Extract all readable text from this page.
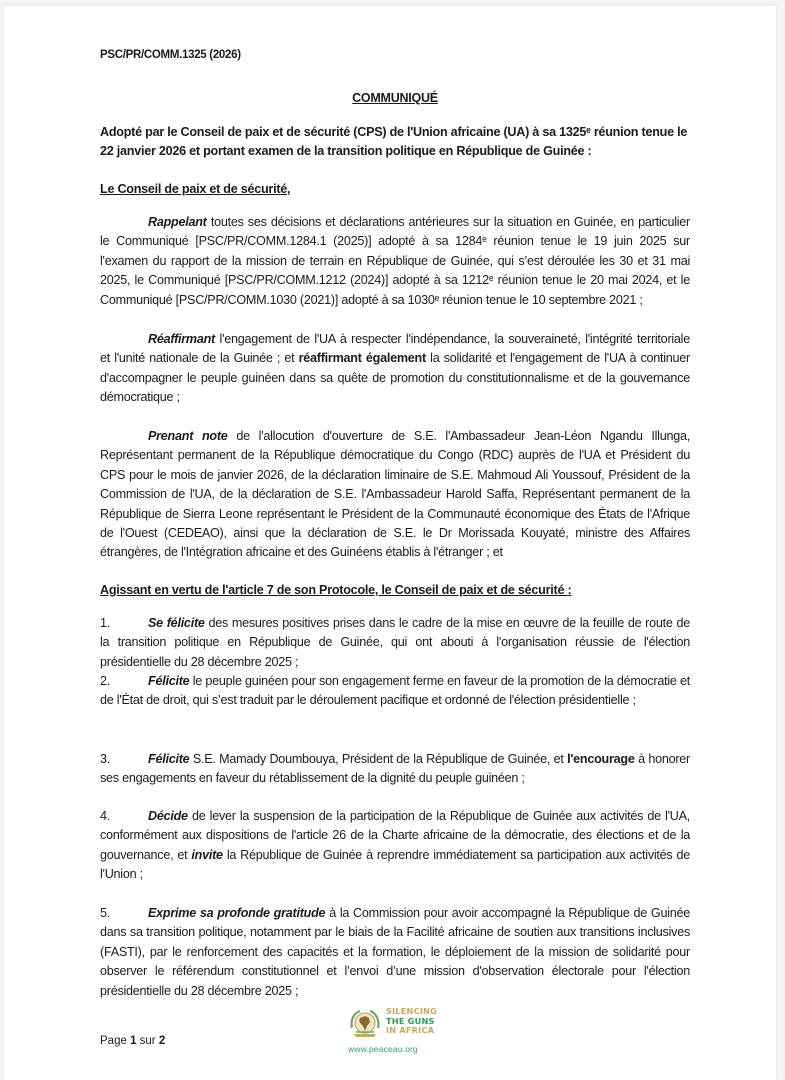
PSC/PR/COMM.1325 (2026)
COMMUNIQUÉ
Adopté par le Conseil de paix et de sécurité (CPS) de l'Union africaine (UA) à sa 1325ᵉ réunion tenue le 22 janvier 2026 et portant examen de la transition politique en République de Guinée :
Le Conseil de paix et de sécurité,
Rappelant toutes ses décisions et déclarations antérieures sur la situation en Guinée, en particulier le Communiqué [PSC/PR/COMM.1284.1 (2025)] adopté à sa 1284ᵉ réunion tenue le 19 juin 2025 sur l'examen du rapport de la mission de terrain en République de Guinée, qui s’est déroulée les 30 et 31 mai 2025, le Communiqué [PSC/PR/COMM.1212 (2024)] adopté à sa 1212ᵉ réunion tenue le 20 mai 2024, et le Communiqué [PSC/PR/COMM.1030 (2021)] adopté à sa 1030ᵉ réunion tenue le 10 septembre 2021 ;
Réaffirmant l'engagement de l'UA à respecter l'indépendance, la souveraineté, l'intégrité territoriale et l'unité nationale de la Guinée ; et réaffirmant également la solidarité et l'engagement de l'UA à continuer d'accompagner le peuple guinéen dans sa quête de promotion du constitutionnalisme et de la gouvernance démocratique ;
Prenant note de l'allocution d'ouverture de S.E. l'Ambassadeur Jean-Léon Ngandu Illunga, Représentant permanent de la République démocratique du Congo (RDC) auprès de l'UA et Président du CPS pour le mois de janvier 2026, de la déclaration liminaire de S.E. Mahmoud Ali Youssouf, Président de la Commission de l'UA, de la déclaration de S.E. l'Ambassadeur Harold Saffa, Représentant permanent de la République de Sierra Leone représentant le Président de la Communauté économique des États de l'Afrique de l'Ouest (CEDEAO), ainsi que la déclaration de S.E. le Dr Morissada Kouyaté, ministre des Affaires étrangères, de l'Intégration africaine et des Guinéens établis à l'étranger ; et
Agissant en vertu de l'article 7 de son Protocole, le Conseil de paix et de sécurité :
1.	Se félicite des mesures positives prises dans le cadre de la mise en œuvre de la feuille de route de la transition politique en République de Guinée, qui ont abouti à l'organisation réussie de l'élection présidentielle du 28 décembre 2025 ;
2.	Félicite le peuple guinéen pour son engagement ferme en faveur de la promotion de la démocratie et de l'État de droit, qui s’est traduit par le déroulement pacifique et ordonné de l'élection présidentielle ;
3.	Félicite S.E. Mamady Doumbouya, Président de la République de Guinée, et l'encourage à honorer ses engagements en faveur du rétablissement de la dignité du peuple guinéen ;
4.	Décide de lever la suspension de la participation de la République de Guinée aux activités de l'UA, conformément aux dispositions de l'article 26 de la Charte africaine de la démocratie, des élections et de la gouvernance, et invite la République de Guinée à reprendre immédiatement sa participation aux activités de l'Union ;
5.	Exprime sa profonde gratitude à la Commission pour avoir accompagné la République de Guinée dans sa transition politique, notamment par le biais de la Facilité africaine de soutien aux transitions inclusives (FASTI), par le renforcement des capacités et la formation, le déploiement de la mission de solidarité pour observer le référendum constitutionnel et l’envoi d’une mission d'observation électorale pour l'élection présidentielle du 28 décembre 2025 ;
Page 1 sur 2
SILENCING
THE GUNS
IN AFRICA
www.peaceau.org
